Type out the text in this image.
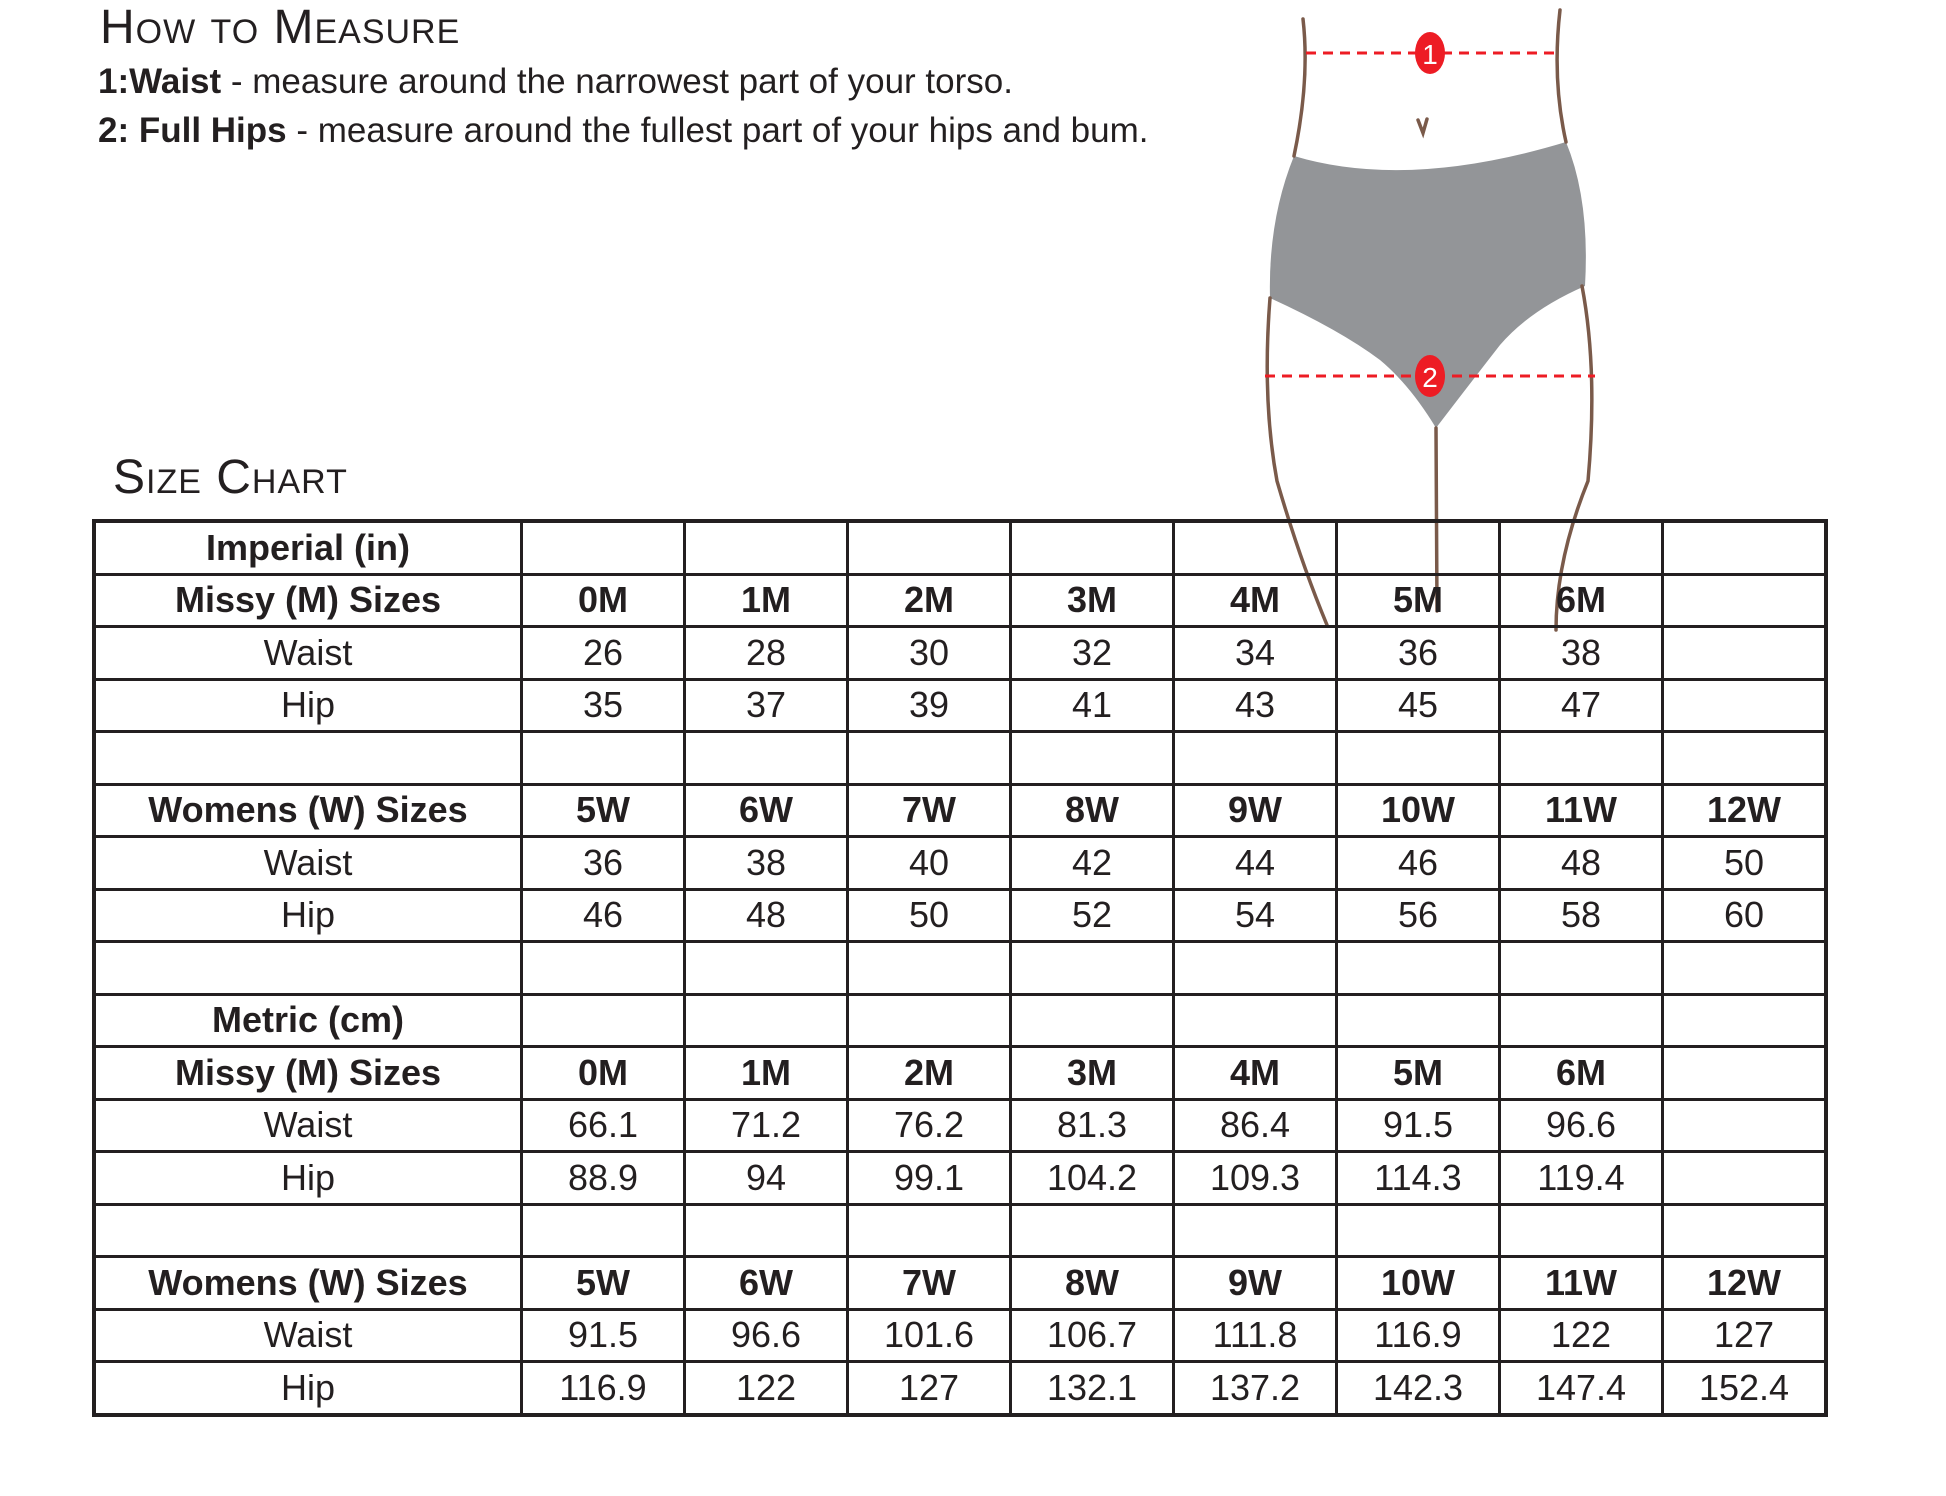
How to Measure
1:Waist - measure around the narrowest part of your torso.
2: Full Hips - measure around the fullest part of your hips and bum.
1
2
Size Chart
Imperial (in)								
Missy (M) Sizes	0M	1M	2M	3M	4M	5M	6M	
Waist	26	28	30	32	34	36	38	
Hip	35	37	39	41	43	45	47	

Womens (W) Sizes	5W	6W	7W	8W	9W	10W	11W	12W
Waist	36	38	40	42	44	46	48	50
Hip	46	48	50	52	54	56	58	60

Metric (cm)								
Missy (M) Sizes	0M	1M	2M	3M	4M	5M	6M	
Waist	66.1	71.2	76.2	81.3	86.4	91.5	96.6	
Hip	88.9	94	99.1	104.2	109.3	114.3	119.4	

Womens (W) Sizes	5W	6W	7W	8W	9W	10W	11W	12W
Waist	91.5	96.6	101.6	106.7	111.8	116.9	122	127
Hip	116.9	122	127	132.1	137.2	142.3	147.4	152.4
